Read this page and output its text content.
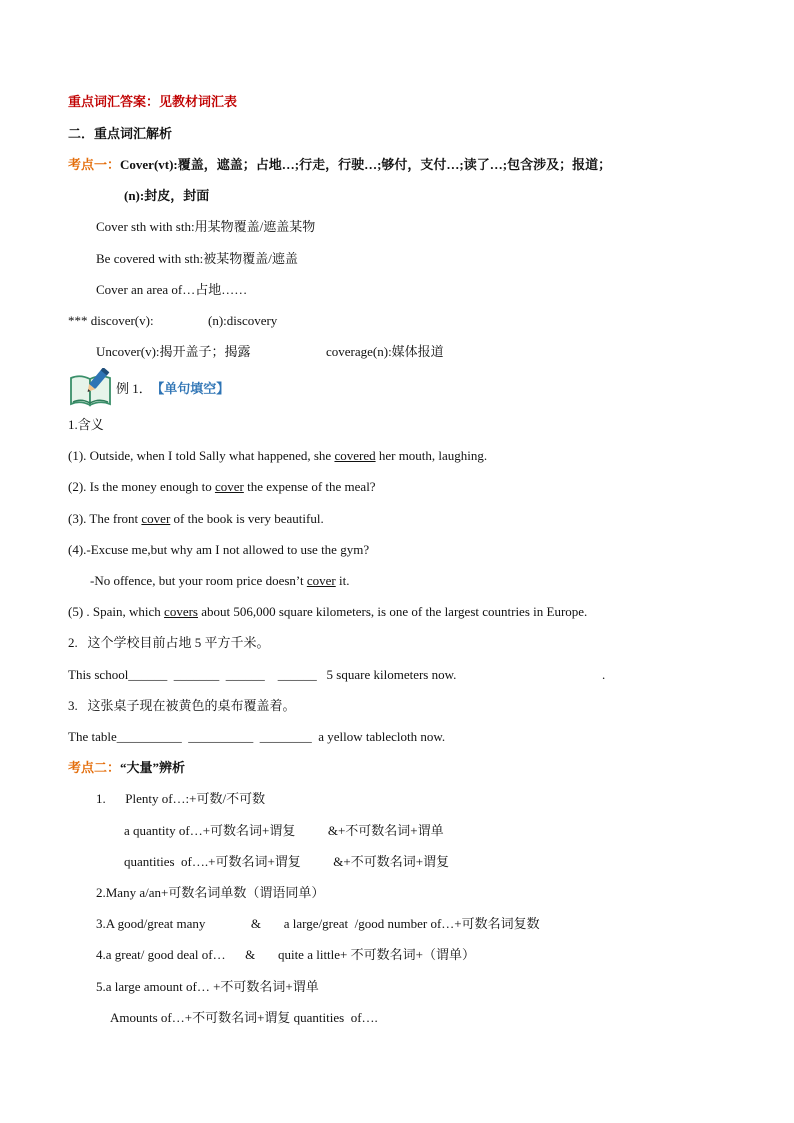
重点词汇答案：见教材词汇表
二．重点词汇解析
考点一：Cover(vt):覆盖，遮盖；占地…;行走，行驶…;够付，支付…;读了…;包含涉及；报道；
(n):封皮，封面
Cover sth with sth:用某物覆盖/遮盖某物
Be covered with sth:被某物覆盖/遮盖
Cover an area of…占地……
*** discover(v):	(n):discovery
Uncover(v):揭开盖子；揭露	coverage(n):媒体报道
例 1． 【单句填空】
1.含义
(1). Outside, when I told Sally what happened, she covered her mouth, laughing.
(2). Is the money enough to cover the expense of the meal?
(3). The front cover of the book is very beautiful.
(4).-Excuse me,but why am I not allowed to use the gym?
-No offence, but your room price doesn’t cover it.
(5) . Spain, which covers about 506,000 square kilometers, is one of the largest countries in Europe.
2.   这个学校目前占地 5 平方千米。
This school______  _______  ______    ______   5 square kilometers now.	.
3.   这张桌子现在被黄色的桌布覆盖着。
The table__________  __________  ________  a yellow tablecloth now.
考点二：“大量”辨析
1.      Plenty of…:+可数/不可数
a quantity of…+可数名词+谓复          &+不可数名词+谓单
quantities  of….+可数名词+谓复          &+不可数名词+谓复
2.Many a/an+可数名词单数（谓语同单）
3.A good/great many              &       a large/great  /good number of…+可数名词复数
4.a great/ good deal of…      &       quite a little+ 不可数名词+（谓单）
5.a large amount of… +不可数名词+谓单
Amounts of…+不可数名词+谓复 quantities  of….
